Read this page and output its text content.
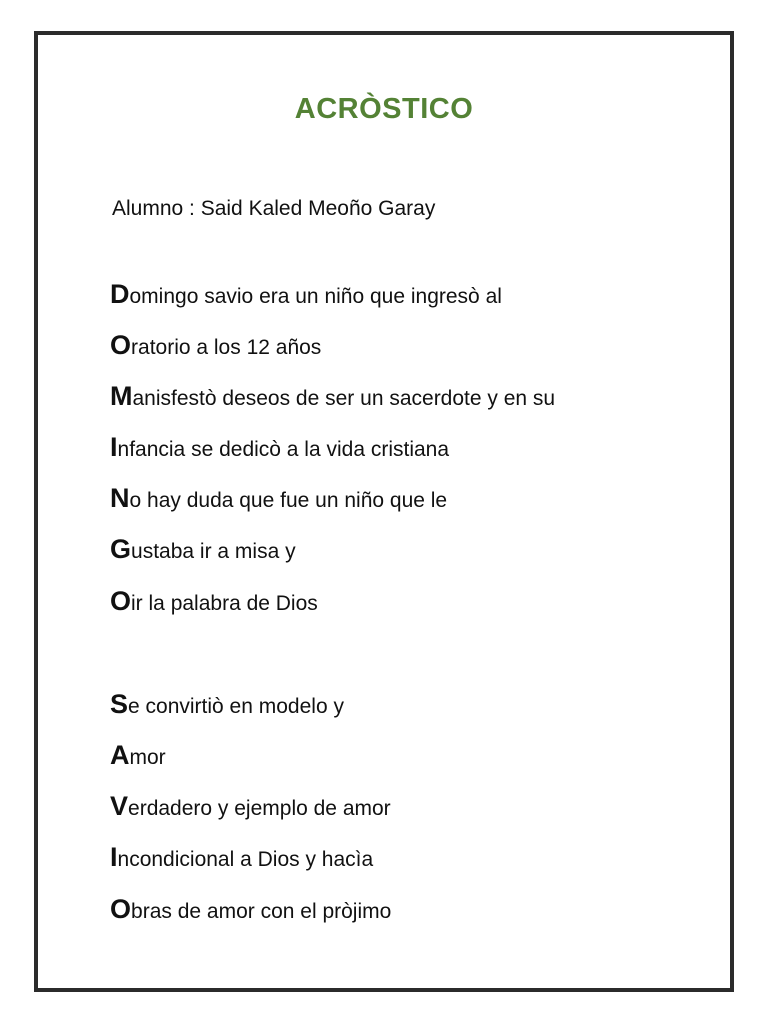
ACRÒSTICO
Alumno : Said Kaled Meoño Garay
Domingo savio era un niño que ingresò al
Oratorio a los 12 años
Manisfestò deseos de ser un sacerdote y en su
Infancia se dedicò a la vida cristiana
No hay duda que fue un niño que le
Gustaba ir a misa y
Oir la palabra de Dios
Se convirtiò en modelo y
Amor
Verdadero y ejemplo de amor
Incondicional a Dios y hacìa
Obras de amor con el pròjimo
